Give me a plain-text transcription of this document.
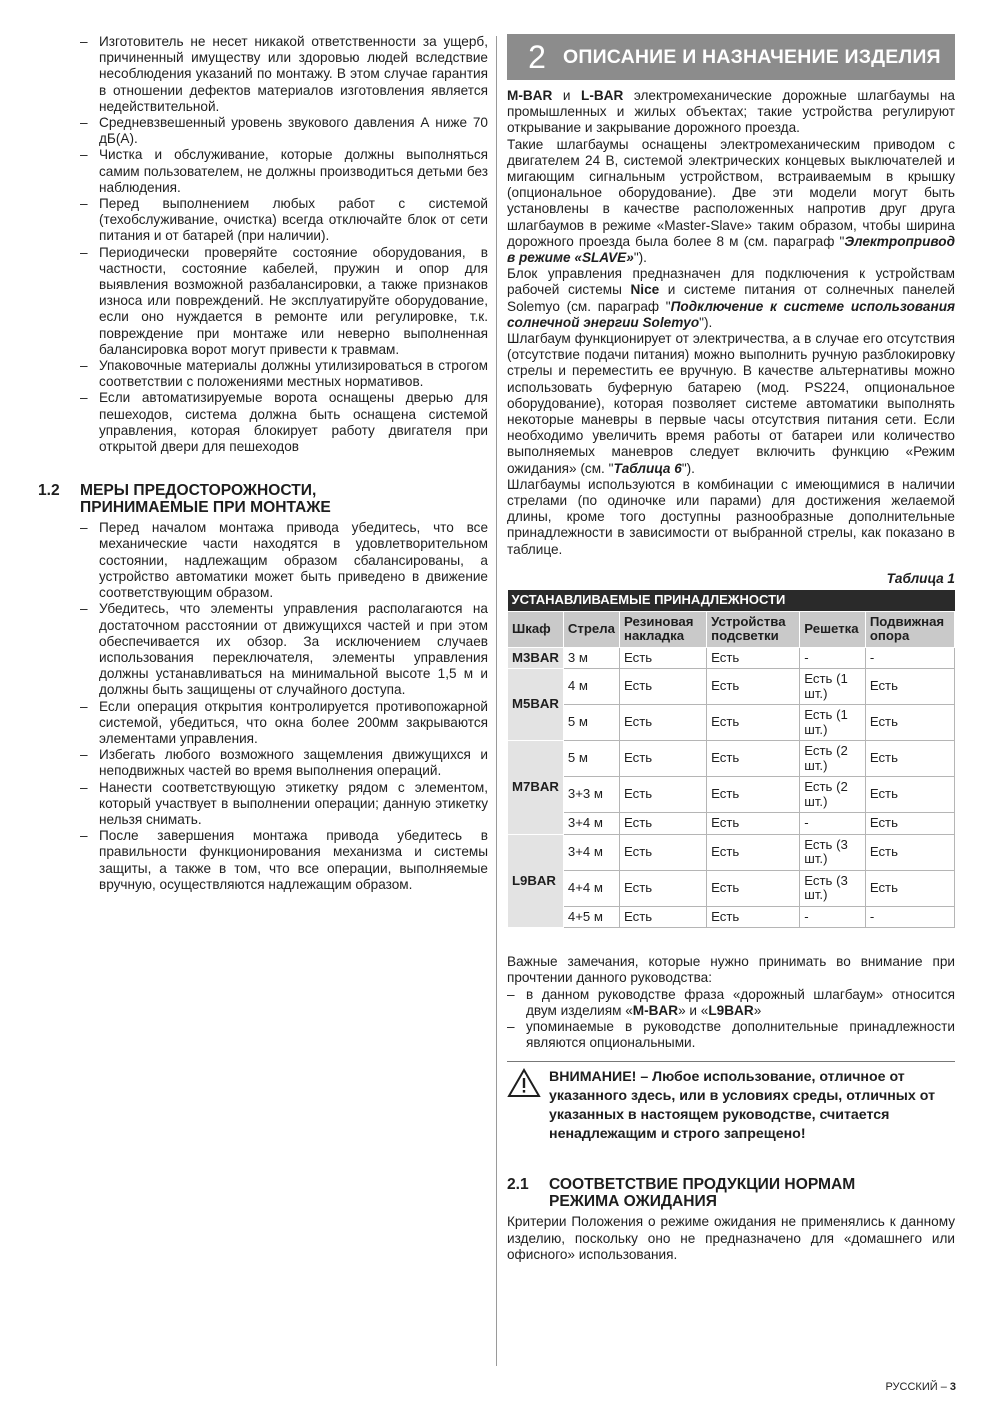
– Изготовитель не несет никакой ответственности за ущерб, причиненный имуществу или здоровью людей вследствие несоблюдения указаний по монтажу. В этом случае гарантия в отношении дефектов материалов изготовления является недействительной.
– Средневзвешенный уровень звукового давления А ниже 70 дБ(А).
– Чистка и обслуживание, которые должны выполняться самим пользователем, не должны производиться детьми без наблюдения.
– Перед выполнением любых работ с системой (техобслуживание, очистка) всегда отключайте блок от сети питания и от батарей (при наличии).
– Периодически проверяйте состояние оборудования, в частности, состояние кабелей, пружин и опор для выявления возможной разбалансировки, а также признаков износа или повреждений. Не эксплуатируйте оборудование, если оно нуждается в ремонте или регулировке, т.к. повреждение при монтаже или неверно выполненная балансировка ворот могут привести к травмам.
– Упаковочные материалы должны утилизироваться в строгом соответствии с положениями местных нормативов.
– Если автоматизируемые ворота оснащены дверью для пешеходов, система должна быть оснащена системой управления, которая блокирует работу двигателя при открытой двери для пешеходов
1.2 МЕРЫ ПРЕДОСТОРОЖНОСТИ,
ПРИНИМАЕМЫЕ ПРИ МОНТАЖЕ
– Перед началом монтажа привода убедитесь, что все механические части находятся в удовлетворительном состоянии, надлежащим образом сбалансированы, а устройство автоматики может быть приведено в движение соответствующим образом.
– Убедитесь, что элементы управления располагаются на достаточном расстоянии от движущихся частей и при этом обеспечивается их обзор. За исключением случаев использования переключателя, элементы управления должны устанавливаться на минимальной высоте 1,5 м и должны быть защищены от случайного доступа.
– Если операция открытия контролируется противопожарной системой, убедиться, что окна более 200мм закрываются элементами управления.
– Избегать любого возможного защемления движущихся и неподвижных частей во время выполнения операций.
– Нанести соответствующую этикетку рядом с элементом, который участвует в выполнении операции; данную этикетку нельзя снимать.
– После завершения монтажа привода убедитесь в правильности функционирования механизма и системы защиты, а также в том, что все операции, выполняемые вручную, осуществляются надлежащим образом.
2 ОПИСАНИЕ И НАЗНАЧЕНИЕ ИЗДЕЛИЯ

M-BAR и L-BAR электромеханические дорожные шлагбаумы на промышленных и жилых объектах; такие устройства регулируют открывание и закрывание дорожного проезда.

Такие шлагбаумы оснащены электромеханическим приводом с двигателем 24 В, системой электрических концевых выключателей и мигающим сигнальным устройством, встраиваемым в крышку (опциональное оборудование). Две эти модели могут быть установлены в качестве расположенных напротив друг друга шлагбаумов в режиме «Master-Slave» таким образом, чтобы ширина дорожного проезда была более 8 м (см. параграф "Электропривод в режиме «SLAVE»").

Блок управления предназначен для подключения к устройствам рабочей системы Nice и системе питания от солнечных панелей Solemyo (см. параграф "Подключение к системе использования солнечной энергии Solemyo").

Шлагбаум функционирует от электричества, а в случае его отсутствия (отсутствие подачи питания) можно выполнить ручную разблокировку стрелы и переместить ее вручную. В качестве альтернативы можно использовать буферную батарею (мод. PS224, опциональное оборудование), которая позволяет системе автоматики выполнять некоторые маневры в первые часы отсутствия питания сети. Если необходимо увеличить время работы от батареи или количество выполняемых маневров следует включить функцию «Режим ожидания» (см. "Таблица 6").

Шлагбаумы используются в комбинации с имеющимися в наличии стрелами (по одиночке или парами) для достижения желаемой длины, кроме того доступны разнообразные дополнительные принадлежности в зависимости от выбранной стрелы, как показано в таблице.

Таблица 1
УСТАНАВЛИВАЕМЫЕ ПРИНАДЛЕЖНОСТИ					
Шкаф	Стрела	Резиновая накладка	Устройства подсветки	Решетка	Подвижная опора
M3BAR	3 м	Есть	Есть	-	-
M5BAR	4 м	Есть	Есть	Есть (1 шт.)	Есть
	5 м	Есть	Есть	Есть (1 шт.)	Есть
M7BAR	5 м	Есть	Есть	Есть (2 шт.)	Есть
	3+3 м	Есть	Есть	Есть (2 шт.)	Есть
	3+4 м	Есть	Есть	-	Есть
L9BAR	3+4 м	Есть	Есть	Есть (3 шт.)	Есть
	4+4 м	Есть	Есть	Есть (3 шт.)	Есть
	4+5 м	Есть	Есть	-	-

Важные замечания, которые нужно принимать во внимание при прочтении данного руководства:

– в данном руководстве фраза «дорожный шлагбаум» относится двум изделиям «M-BAR» и «L9BAR»
– упоминаемые в руководстве дополнительные принадлежности являются опциональными.
ВНИМАНИЕ! – Любое использование, отличное от указанного здесь, или в условиях среды, отличных от указанных в настоящем руководстве, считается ненадлежащим и строго запрещено!
2.1 СООТВЕТСТВИЕ ПРОДУКЦИИ НОРМАМ
РЕЖИМА ОЖИДАНИЯ

Критерии Положения о режиме ожидания не применялись к данному изделию, поскольку оно не предназначено для «домашнего или офисного» использования.

РУССКИЙ – 3
